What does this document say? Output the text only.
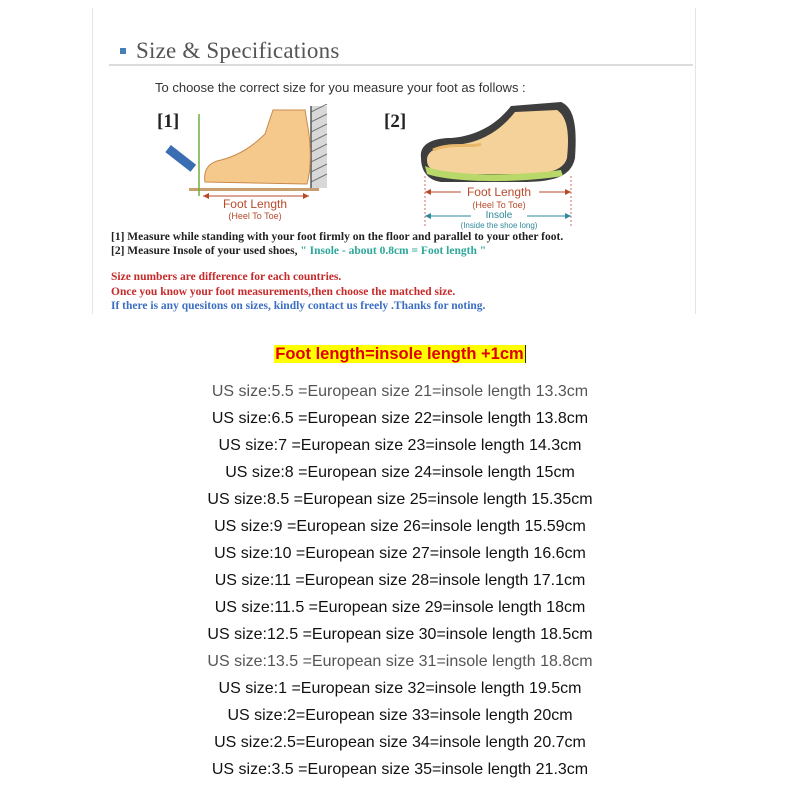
Size & Specifications
To choose the correct size for you measure your foot as follows :
[1]
Foot Length
(Heel To Toe)
[2]
Foot Length
(Heel To Toe)
Insole
(Inside the shoe long)
[1] Measure while standing with your foot firmly on the floor and parallel to your other foot.
[2] Measure Insole of your used shoes, " Insole - about 0.8cm = Foot length "
Size numbers are difference for each countries.
Once you know your foot measurements,then choose the matched size.
If there is any quesitons on sizes, kindly contact us freely .Thanks for noting.
Foot length=insole length +1cm
US size:5.5 =European size 21=insole length 13.3cm
US size:6.5 =European size 22=insole length 13.8cm
US size:7 =European size 23=insole length 14.3cm
US size:8 =European size 24=insole length 15cm
US size:8.5 =European size 25=insole length 15.35cm
US size:9 =European size 26=insole length 15.59cm
US size:10 =European size 27=insole length 16.6cm
US size:11 =European size 28=insole length 17.1cm
US size:11.5 =European size 29=insole length 18cm
US size:12.5 =European size 30=insole length 18.5cm
US size:13.5 =European size 31=insole length 18.8cm
US size:1 =European size 32=insole length 19.5cm
US size:2=European size 33=insole length 20cm
US size:2.5=European size 34=insole length 20.7cm
US size:3.5 =European size 35=insole length 21.3cm
